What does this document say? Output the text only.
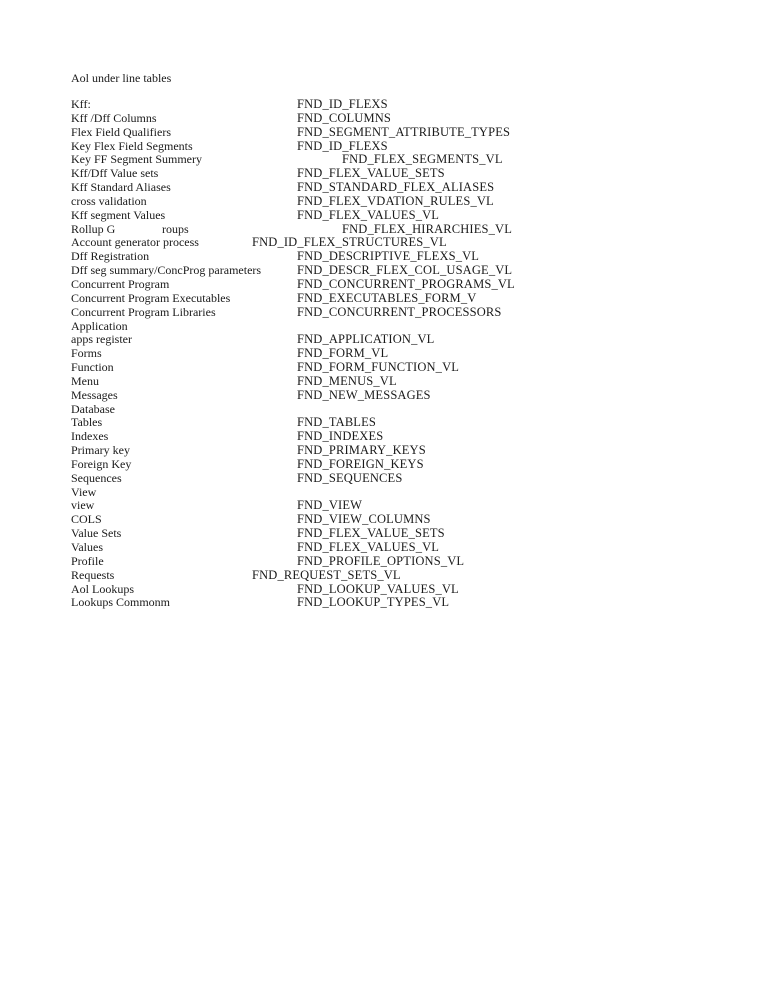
Aol under line tables
Kff:	FND_ID_FLEXS
Kff /Dff Columns	FND_COLUMNS
Flex Field Qualifiers	FND_SEGMENT_ATTRIBUTE_TYPES
Key Flex Field Segments	FND_ID_FLEXS
Key FF Segment Summery	FND_FLEX_SEGMENTS_VL
Kff/Dff Value sets	FND_FLEX_VALUE_SETS
Kff Standard Aliases	FND_STANDARD_FLEX_ALIASES
cross validation	FND_FLEX_VDATION_RULES_VL
Kff segment Values	FND_FLEX_VALUES_VL
Rollup G	roups	FND_FLEX_HIRARCHIES_VL
Account generator process	FND_ID_FLEX_STRUCTURES_VL
Dff Registration	FND_DESCRIPTIVE_FLEXS_VL
Dff seg summary/ConcProg parameters	FND_DESCR_FLEX_COL_USAGE_VL
Concurrent Program	FND_CONCURRENT_PROGRAMS_VL
Concurrent Program Executables	FND_EXECUTABLES_FORM_V
Concurrent Program Libraries	FND_CONCURRENT_PROCESSORS
Application
apps register	FND_APPLICATION_VL
Forms	FND_FORM_VL
Function	FND_FORM_FUNCTION_VL
Menu	FND_MENUS_VL
Messages	FND_NEW_MESSAGES
Database
Tables	FND_TABLES
Indexes	FND_INDEXES
Primary key	FND_PRIMARY_KEYS
Foreign Key	FND_FOREIGN_KEYS
Sequences	FND_SEQUENCES
View
view	FND_VIEW
COLS	FND_VIEW_COLUMNS
Value Sets	FND_FLEX_VALUE_SETS
Values	FND_FLEX_VALUES_VL
Profile	FND_PROFILE_OPTIONS_VL
Requests	FND_REQUEST_SETS_VL
Aol Lookups	FND_LOOKUP_VALUES_VL
Lookups Commonm	FND_LOOKUP_TYPES_VL
